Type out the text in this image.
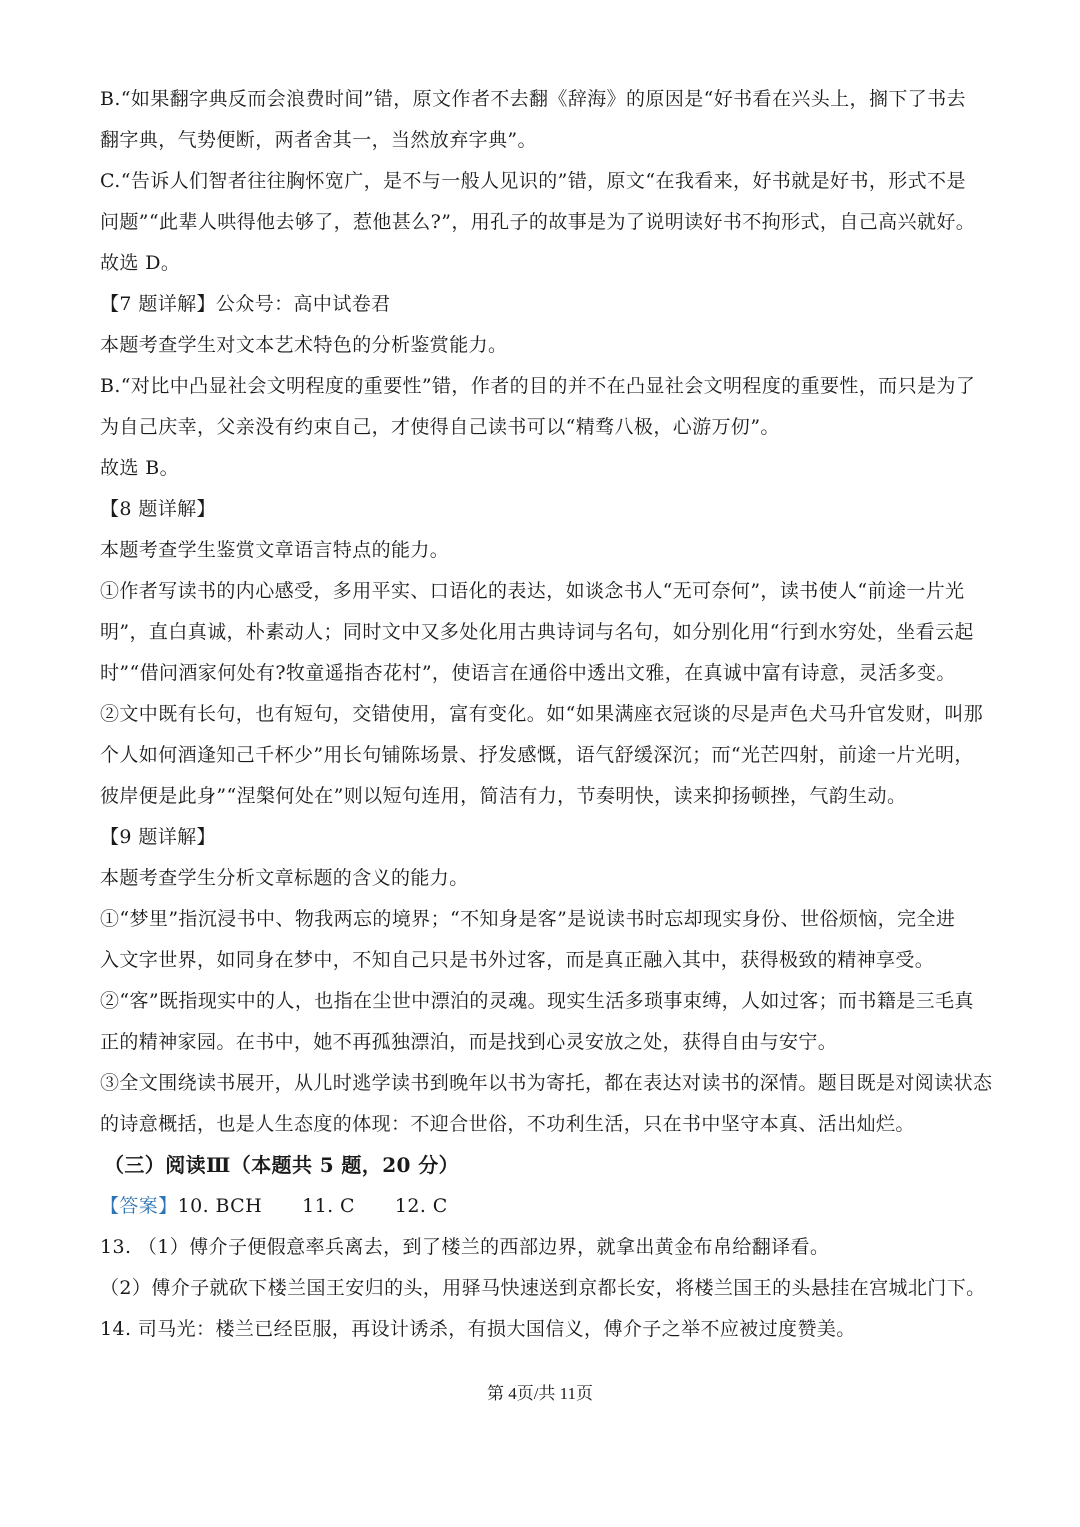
B.“如果翻字典反而会浪费时间”错，原文作者不去翻《辞海》的原因是“好书看在兴头上，搁下了书去
翻字典，气势便断，两者舍其一，当然放弃字典”。
C.“告诉人们智者往往胸怀宽广，是不与一般人见识的”错，原文“在我看来，好书就是好书，形式不是
问题”“此辈人哄得他去够了，惹他甚么?”，用孔子的故事是为了说明读好书不拘形式，自己高兴就好。
故选 D。
【7 题详解】公众号：高中试卷君
本题考查学生对文本艺术特色的分析鉴赏能力。
B.“对比中凸显社会文明程度的重要性”错，作者的目的并不在凸显社会文明程度的重要性，而只是为了
为自己庆幸，父亲没有约束自己，才使得自己读书可以“精骛八极，心游万仞”。
故选 B。
【8 题详解】
本题考查学生鉴赏文章语言特点的能力。
①作者写读书的内心感受，多用平实、口语化的表达，如谈念书人“无可奈何”，读书使人“前途一片光
明”，直白真诚，朴素动人；同时文中又多处化用古典诗词与名句，如分别化用“行到水穷处，坐看云起
时”“借问酒家何处有?牧童遥指杏花村”，使语言在通俗中透出文雅，在真诚中富有诗意，灵活多变。
②文中既有长句，也有短句，交错使用，富有变化。如“如果满座衣冠谈的尽是声色犬马升官发财，叫那
个人如何酒逢知己千杯少”用长句铺陈场景、抒发感慨，语气舒缓深沉；而“光芒四射，前途一片光明，
彼岸便是此身”“涅槃何处在”则以短句连用，简洁有力，节奏明快，读来抑扬顿挫，气韵生动。
【9 题详解】
本题考查学生分析文章标题的含义的能力。
①“梦里”指沉浸书中、物我两忘的境界；“不知身是客”是说读书时忘却现实身份、世俗烦恼，完全进
入文字世界，如同身在梦中，不知自己只是书外过客，而是真正融入其中，获得极致的精神享受。
②“客”既指现实中的人，也指在尘世中漂泊的灵魂。现实生活多琐事束缚，人如过客；而书籍是三毛真
正的精神家园。在书中，她不再孤独漂泊，而是找到心灵安放之处，获得自由与安宁。
③全文围绕读书展开，从儿时逃学读书到晚年以书为寄托，都在表达对读书的深情。题目既是对阅读状态
的诗意概括，也是人生态度的体现：不迎合世俗，不功利生活，只在书中坚守本真、活出灿烂。
（三）阅读Ⅲ（本题共 5 题，20 分）
【答案】10. BCH 11. C 12. C
13. （1）傅介子便假意率兵离去，到了楼兰的西部边界，就拿出黄金布帛给翻译看。
（2）傅介子就砍下楼兰国王安归的头，用驿马快速送到京都长安，将楼兰国王的头悬挂在宫城北门下。
14. 司马光：楼兰已经臣服，再设计诱杀，有损大国信义，傅介子之举不应被过度赞美。
第 4页/共 11页
